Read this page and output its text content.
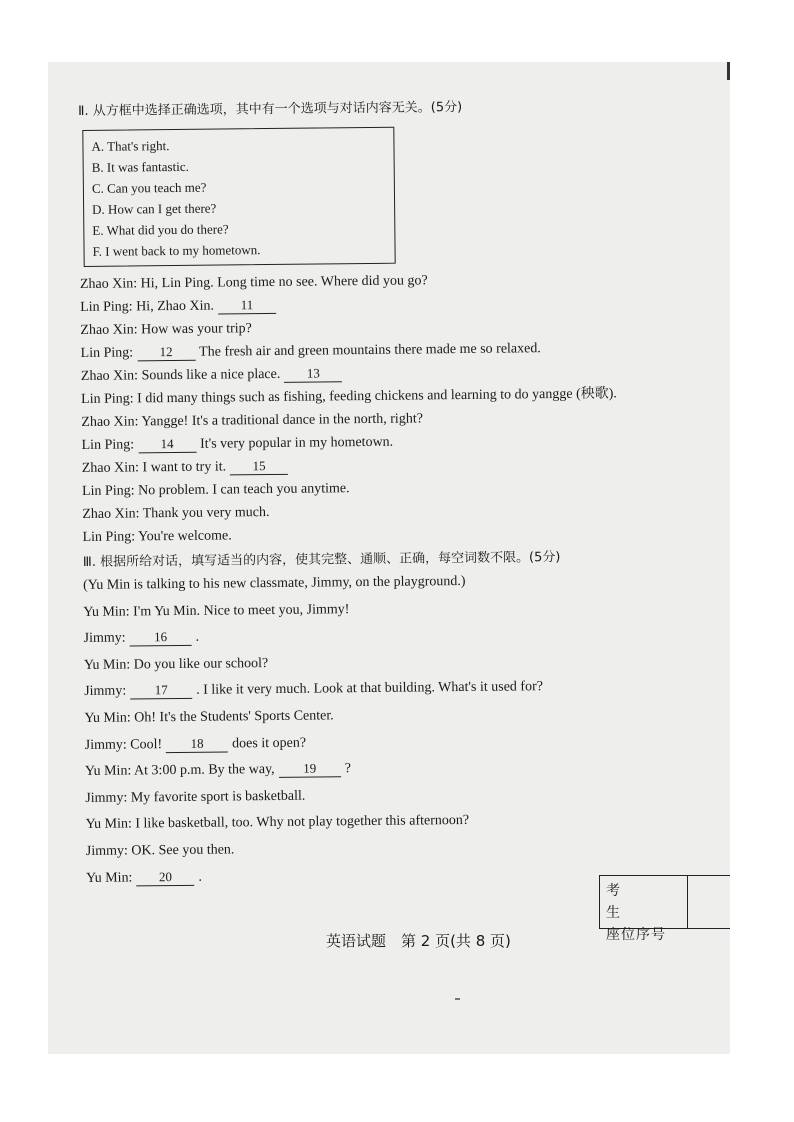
Ⅱ. 从方框中选择正确选项，其中有一个选项与对话内容无关。(5分)

A. That's right.
B. It was fantastic.
C. Can you teach me?
D. How can I get there?
E. What did you do there?
F. I went back to my hometown.
Zhao Xin: Hi, Lin Ping. Long time no see. Where did you go?
Lin Ping: Hi, Zhao Xin. 11
Zhao Xin: How was your trip?
Lin Ping: 12 The fresh air and green mountains there made me so relaxed.
Zhao Xin: Sounds like a nice place. 13
Lin Ping: I did many things such as fishing, feeding chickens and learning to do yangge (秧歌).
Zhao Xin: Yangge! It's a traditional dance in the north, right?
Lin Ping: 14 It's very popular in my hometown.
Zhao Xin: I want to try it. 15
Lin Ping: No problem. I can teach you anytime.
Zhao Xin: Thank you very much.
Lin Ping: You're welcome.

Ⅲ. 根据所给对话，填写适当的内容，使其完整、通顺、正确，每空词数不限。(5分)

(Yu Min is talking to his new classmate, Jimmy, on the playground.)
Yu Min: I'm Yu Min. Nice to meet you, Jimmy!
Jimmy: 16 .
Yu Min: Do you like our school?
Jimmy: 17 . I like it very much. Look at that building. What's it used for?
Yu Min: Oh! It's the Students' Sports Center.
Jimmy: Cool! 18 does it open?
Yu Min: At 3:00 p.m. By the way, 19 ?
Jimmy: My favorite sport is basketball.
Yu Min: I like basketball, too. Why not play together this afternoon?
Jimmy: OK. See you then.
Yu Min: 20 .
考生
座位序号
英语试题　第 2 页(共 8 页)
